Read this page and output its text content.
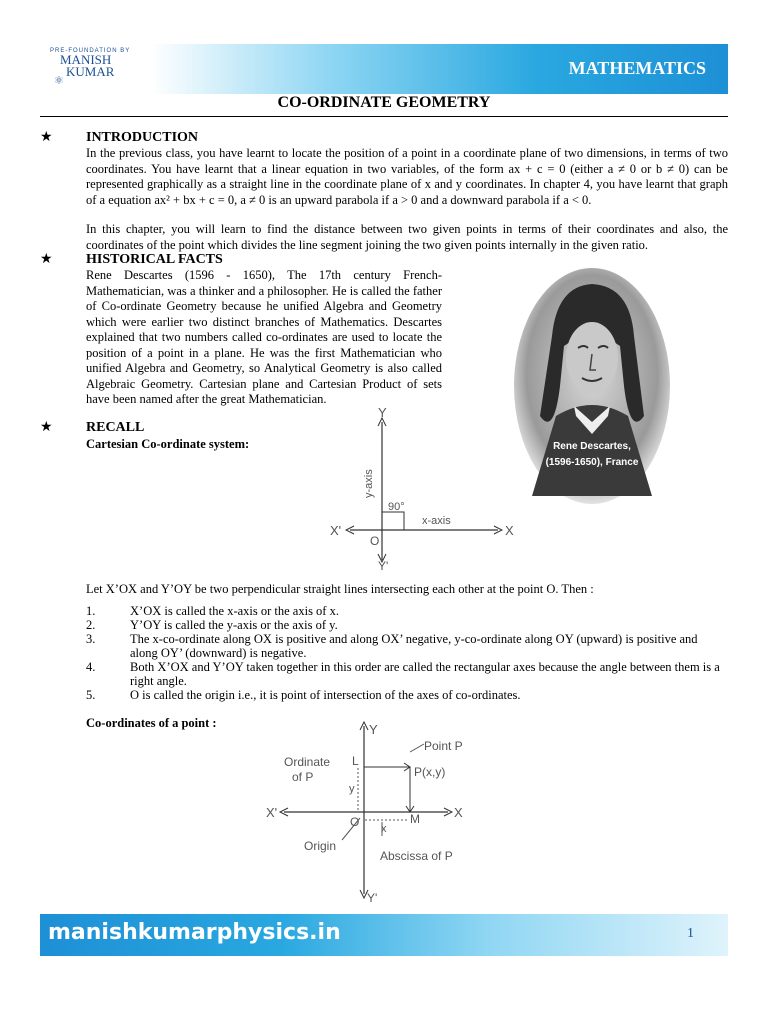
PRE-FOUNDATION BY
MANISH
KUMAR
⚛
MATHEMATICS
CO-ORDINATE GEOMETRY
★ INTRODUCTION

In the previous class, you have learnt to locate the position of a point in a coordinate plane of two dimensions, in terms of two coordinates. You have learnt that a linear equation in two variables, of the form ax + c = 0 (either a ≠ 0 or b ≠ 0) can be represented graphically as a straight line in the coordinate plane of x and y coordinates. In chapter 4, you have learnt that graph of a equation ax² + bx + c = 0, a ≠ 0 is an upward parabola if a > 0 and a downward parabola if a < 0.

In this chapter, you will learn to find the distance between two given points in terms of their coordinates and also, the coordinates of the point which divides the line segment joining the two given points internally in the given ratio.

★ HISTORICAL FACTS

Rene Descartes (1596 - 1650), The 17th century French-Mathematician, was a thinker and a philosopher. He is called the father of Co-ordinate Geometry because he unified Algebra and Geometry which were earlier two distinct branches of Mathematics. Descartes explained that two numbers called co-ordinates are used to locate the position of a point in a plane. He was the first Mathematician who unified Algebra and Geometry, so Analytical Geometry is also called Algebraic Geometry. Cartesian plane and Cartesian Product of sets have been named after the great Mathematician.

Rene Descartes,
(1596-1650), France
★ RECALL
Cartesian Co-ordinate system:
Y
y-axis
90°
x-axis
X'	X
O
Y'
Let X’OX and Y’OY be two perpendicular straight lines intersecting each other at the point O. Then :
1.	X’OX is called the x-axis or the axis of x.
2.	Y’OY is called the y-axis or the axis of y.
3.	The x-co-ordinate along OX is positive and along OX’ negative, y-co-ordinate along OY (upward) is positive and along OY’ (downward) is negative.
4.	Both X’OX and Y’OY taken together in this order are called the rectangular axes because the angle between them is a right angle.
5.	O is called the origin i.e., it is point of intersection of the axes of co-ordinates.
Co-ordinates of a point :	Y
Point P
Ordinate
of P
L
y
P(x,y)
X'	X
O	M
x
Origin
Abscissa of P
Y'
manishkumarphysics.in	1
